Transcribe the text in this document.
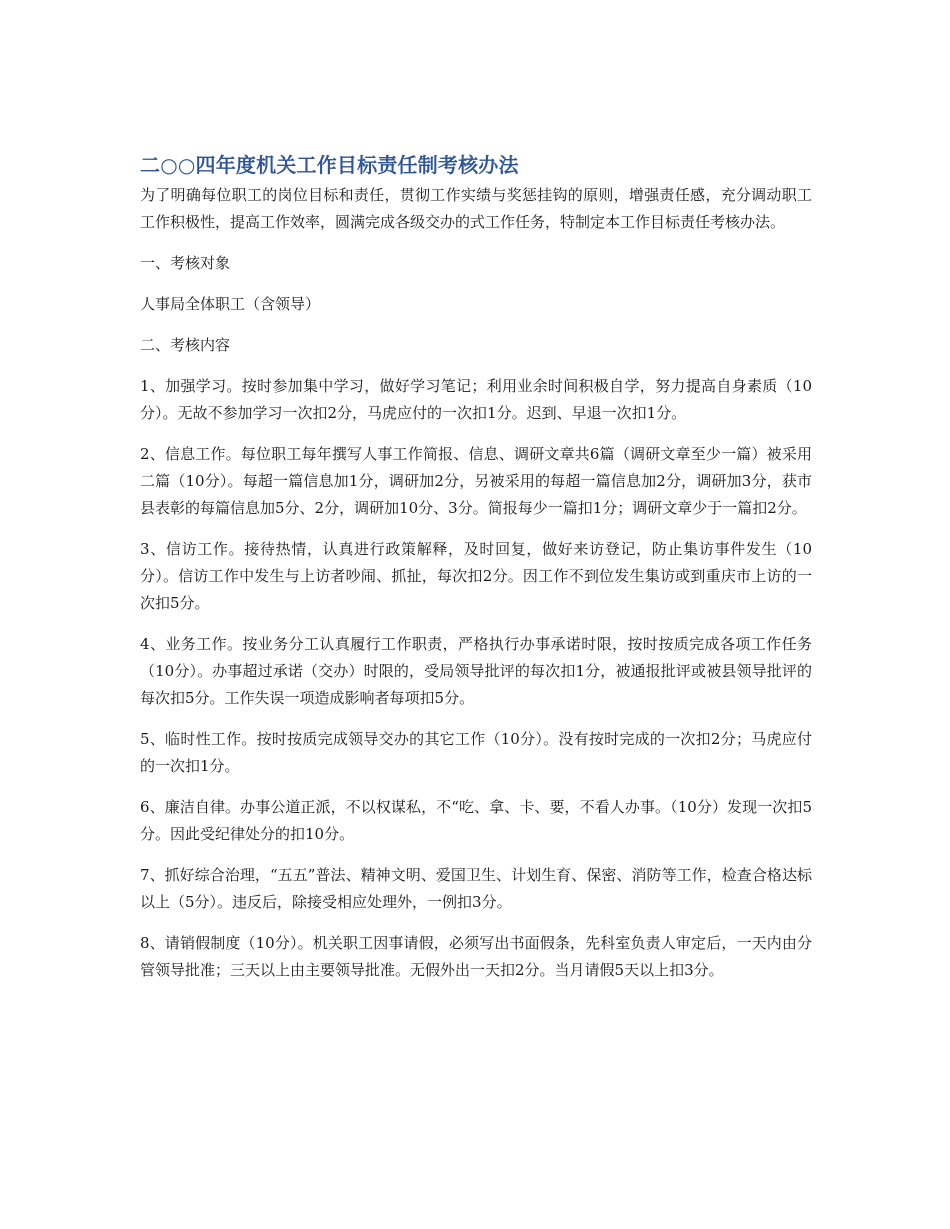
二○○四年度机关工作目标责任制考核办法

为了明确每位职工的岗位目标和责任，贯彻工作实绩与奖惩挂钩的原则，增强责任感，充分调动职工工作积极性，提高工作效率，圆满完成各级交办的式工作任务，特制定本工作目标责任考核办法。

一、考核对象

人事局全体职工（含领导）

二、考核内容

1、加强学习。按时参加集中学习，做好学习笔记；利用业余时间积极自学，努力提高自身素质（10分）。无故不参加学习一次扣2分，马虎应付的一次扣1分。迟到、早退一次扣1分。

2、信息工作。每位职工每年撰写人事工作简报、信息、调研文章共6篇（调研文章至少一篇）被采用二篇（10分）。每超一篇信息加1分，调研加2分，另被采用的每超一篇信息加2分，调研加3分，获市县表彰的每篇信息加5分、2分，调研加10分、3分。简报每少一篇扣1分；调研文章少于一篇扣2分。

3、信访工作。接待热情，认真进行政策解释，及时回复，做好来访登记，防止集访事件发生（10分）。信访工作中发生与上访者吵闹、抓扯，每次扣2分。因工作不到位发生集访或到重庆市上访的一次扣5分。

4、业务工作。按业务分工认真履行工作职责，严格执行办事承诺时限，按时按质完成各项工作任务（10分）。办事超过承诺（交办）时限的，受局领导批评的每次扣1分，被通报批评或被县领导批评的每次扣5分。工作失误一项造成影响者每项扣5分。

5、临时性工作。按时按质完成领导交办的其它工作（10分）。没有按时完成的一次扣2分；马虎应付的一次扣1分。

6、廉洁自律。办事公道正派，不以权谋私，不“吃、拿、卡、要，不看人办事。（10分）发现一次扣5分。因此受纪律处分的扣10分。

7、抓好综合治理，“五五”普法、精神文明、爱国卫生、计划生育、保密、消防等工作，检查合格达标以上（5分）。违反后，除接受相应处理外，一例扣3分。

8、请销假制度（10分）。机关职工因事请假，必须写出书面假条，先科室负责人审定后，一天内由分管领导批准；三天以上由主要领导批准。无假外出一天扣2分。当月请假5天以上扣3分。
